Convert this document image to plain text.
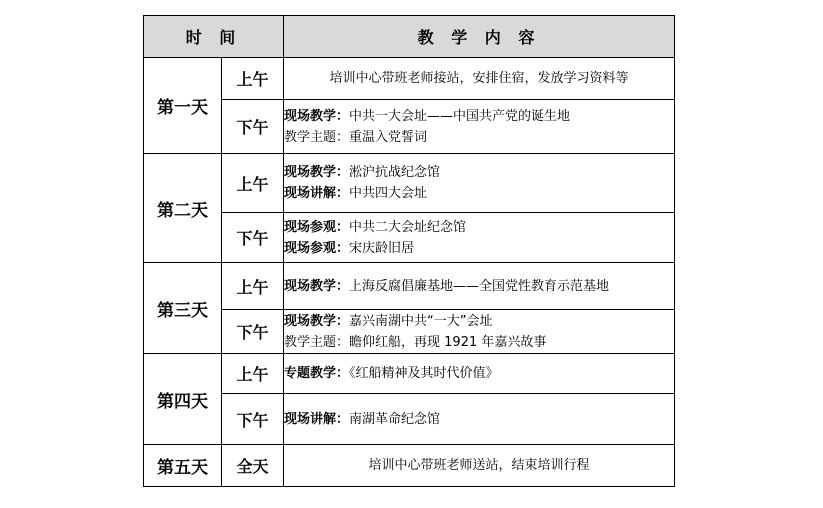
时 间		教 学 内 容
第一天	上午	培训中心带班老师接站，安排住宿，发放学习资料等

	下午	现场教学：中共一大会址——中国共产党的诞生地
教学主题：重温入党誓词

第二天	上午	现场教学：淞沪抗战纪念馆
现场讲解：中共四大会址

	下午	现场参观：中共二大会址纪念馆
现场参观：宋庆龄旧居

第三天	上午	现场教学：上海反腐倡廉基地——全国党性教育示范基地

	下午	现场教学：嘉兴南湖中共“一大”会址
教学主题：瞻仰红船，再现 1921 年嘉兴故事

第四天	上午	专题教学：《红船精神及其时代价值》

	下午	现场讲解：南湖革命纪念馆

第五天	全天	培训中心带班老师送站，结束培训行程
